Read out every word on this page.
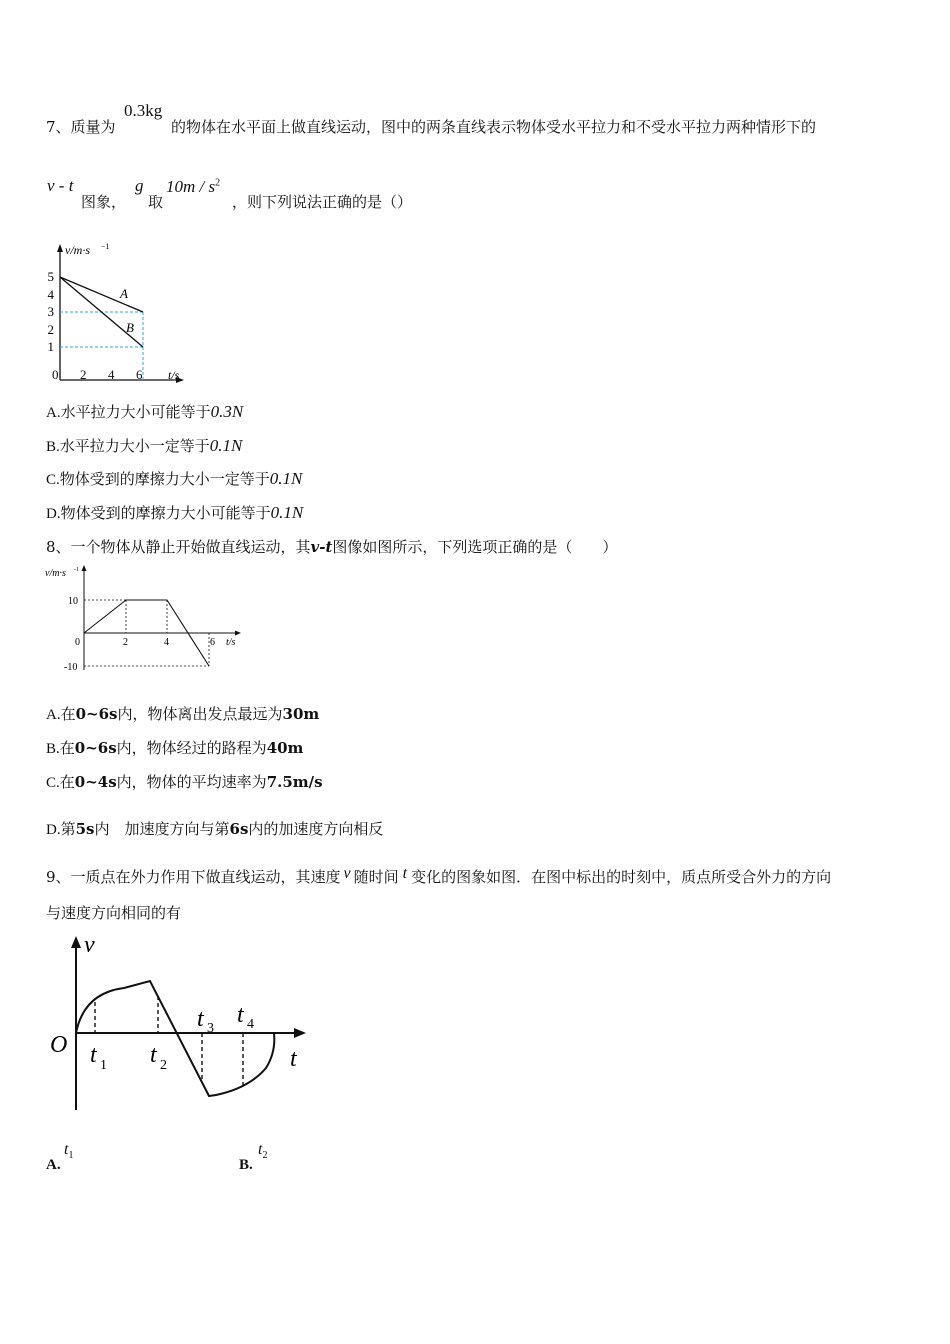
7、质量为
0.3kg
的物体在水平面上做直线运动，图中的两条直线表示物体受水平拉力和不受水平拉力两种情形下的
v - t
图象，
g
取
$10m / s^2$
，则下列说法正确的是（）
v/m·s −1
t/s
A
B
5
4
3
2
1
0 2 4 6
A.水平拉力大小可能等于0.3N
B.水平拉力大小一定等于0.1N
C.物体受到的摩擦力大小一定等于0.1N
D.物体受到的摩擦力大小可能等于0.1N
8、一个物体从静止开始做直线运动，其v-t图像如图所示，下列选项正确的是（　　）
v/m·s -1
t/s
10
-10
0	2	4	6
A.在0~6s内，物体离出发点最远为30m
B.在0~6s内，物体经过的路程为40m
C.在0~4s内，物体的平均速率为7.5m/s
D.第5s内　加速度方向与第6s内的加速度方向相反
9、一质点在外力作用下做直线运动，其速度 v 随时间 t 变化的图象如图．在图中标出的时刻中，质点所受合外力的方向
与速度方向相同的有
v
t
O t 1 t 2
t 3
t 4
A.
$t_1$
B.
$t_2$
